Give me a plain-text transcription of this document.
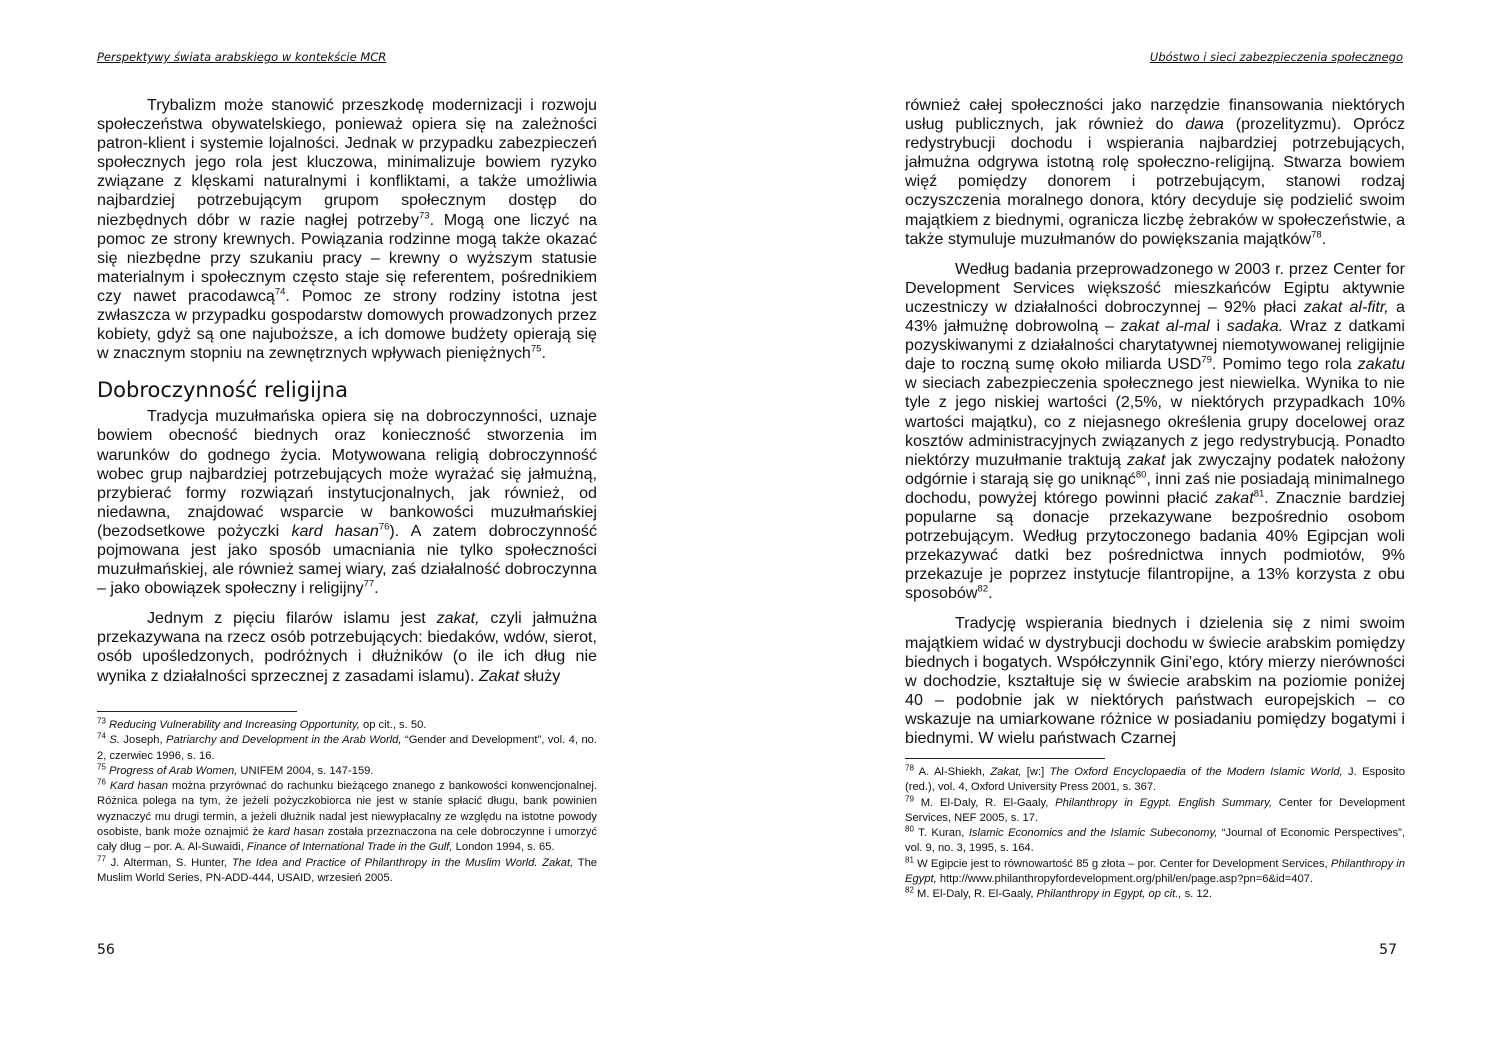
Perspektywy świata arabskiego w kontekście MCR

Trybalizm może stanowić przeszkodę modernizacji i rozwoju społeczeństwa obywatelskiego, ponieważ opiera się na zależności patron-klient i systemie lojalności. Jednak w przypadku zabezpieczeń społecznych jego rola jest kluczowa, minimalizuje bowiem ryzyko związane z klęskami naturalnymi i konfliktami, a także umożliwia najbardziej potrzebującym grupom społecznym dostęp do niezbędnych dóbr w razie nagłej potrzeby$^{73}$. Mogą one liczyć na pomoc ze strony krewnych. Powiązania rodzinne mogą także okazać się niezbędne przy szukaniu pracy – krewny o wyższym statusie materialnym i społecznym często staje się referentem, pośrednikiem czy nawet pracodawcą$^{74}$. Pomoc ze strony rodziny istotna jest zwłaszcza w przypadku gospodarstw domowych prowadzonych przez kobiety, gdyż są one najuboższe, a ich domowe budżety opierają się w znacznym stopniu na zewnętrznych wpływach pieniężnych$^{75}$.

Dobroczynność religijna

Tradycja muzułmańska opiera się na dobroczynności, uznaje bowiem obecność biednych oraz konieczność stworzenia im warunków do godnego życia. Motywowana religią dobroczynność wobec grup najbardziej potrzebujących może wyrażać się jałmużną, przybierać formy rozwiązań instytucjonalnych, jak również, od niedawna, znajdować wsparcie w bankowości muzułmańskiej (bezodsetkowe pożyczki kard hasan$^{76}$). A zatem dobroczynność pojmowana jest jako sposób umacniania nie tylko społeczności muzułmańskiej, ale również samej wiary, zaś działalność dobroczynna – jako obowiązek społeczny i religijny$^{77}$.

Jednym z pięciu filarów islamu jest zakat, czyli jałmużna przekazywana na rzecz osób potrzebujących: biedaków, wdów, sierot, osób upośledzonych, podróżnych i dłużników (o ile ich dług nie wynika z działalności sprzecznej z zasadami islamu). Zakat służy

$^{73}$ Reducing Vulnerability and Increasing Opportunity, op cit., s. 50.

$^{74}$ S. Joseph, Patriarchy and Development in the Arab World, “Gender and Development”, vol. 4, no. 2, czerwiec 1996, s. 16.

$^{75}$ Progress of Arab Women, UNIFEM 2004, s. 147-159.

$^{76}$ Kard hasan można przyrównać do rachunku bieżącego znanego z bankowości konwencjonalnej. Różnica polega na tym, że jeżeli pożyczkobiorca nie jest w stanie spłacić długu, bank powinien wyznaczyć mu drugi termin, a jeżeli dłużnik nadal jest niewypłacalny ze względu na istotne powody osobiste, bank może oznajmić że kard hasan została przeznaczona na cele dobroczynne i umorzyć cały dług – por. A. Al-Suwaidi, Finance of International Trade in the Gulf, London 1994, s. 65.

$^{77}$ J. Alterman, S. Hunter, The Idea and Practice of Philanthropy in the Muslim World. Zakat, The Muslim World Series, PN-ADD-444, USAID, wrzesień 2005.

56
Ubóstwo i sieci zabezpieczenia społecznego

również całej społeczności jako narzędzie finansowania niektórych usług publicznych, jak również do dawa (prozelityzmu). Oprócz redystrybucji dochodu i wspierania najbardziej potrzebujących, jałmużna odgrywa istotną rolę społeczno-religijną. Stwarza bowiem więź pomiędzy donorem i potrzebującym, stanowi rodzaj oczyszczenia moralnego donora, który decyduje się podzielić swoim majątkiem z biednymi, ogranicza liczbę żebraków w społeczeństwie, a także stymuluje muzułmanów do powiększania majątków$^{78}$.

Według badania przeprowadzonego w 2003 r. przez Center for Development Services większość mieszkańców Egiptu aktywnie uczestniczy w działalności dobroczynnej – 92% płaci zakat al-fitr, a 43% jałmużnę dobrowolną – zakat al-mal i sadaka. Wraz z datkami pozyskiwanymi z działalności charytatywnej niemotywowanej religijnie daje to roczną sumę około miliarda USD$^{79}$. Pomimo tego rola zakatu w sieciach zabezpieczenia społecznego jest niewielka. Wynika to nie tyle z jego niskiej wartości (2,5%, w niektórych przypadkach 10% wartości majątku), co z niejasnego określenia grupy docelowej oraz kosztów administracyjnych związanych z jego redystrybucją. Ponadto niektórzy muzułmanie traktują zakat jak zwyczajny podatek nałożony odgórnie i starają się go uniknąć$^{80}$, inni zaś nie posiadają minimalnego dochodu, powyżej którego powinni płacić zakat$^{81}$. Znacznie bardziej popularne są donacje przekazywane bezpośrednio osobom potrzebującym. Według przytoczonego badania 40% Egipcjan woli przekazywać datki bez pośrednictwa innych podmiotów, 9% przekazuje je poprzez instytucje filantropijne, a 13% korzysta z obu sposobów$^{82}$.

Tradycję wspierania biednych i dzielenia się z nimi swoim majątkiem widać w dystrybucji dochodu w świecie arabskim pomiędzy biednych i bogatych. Współczynnik Gini’ego, który mierzy nierówności w dochodzie, kształtuje się w świecie arabskim na poziomie poniżej 40 – podobnie jak w niektórych państwach europejskich – co wskazuje na umiarkowane różnice w posiadaniu pomiędzy bogatymi i biednymi. W wielu państwach Czarnej

$^{78}$ A. Al-Shiekh, Zakat, [w:] The Oxford Encyclopaedia of the Modern Islamic World, J. Esposito (red.), vol. 4, Oxford University Press 2001, s. 367.

$^{79}$ M. El-Daly, R. El-Gaaly, Philanthropy in Egypt. English Summary, Center for Development Services, NEF 2005, s. 17.

$^{80}$ T. Kuran, Islamic Economics and the Islamic Subeconomy, “Journal of Economic Perspectives”, vol. 9, no. 3, 1995, s. 164.

$^{81}$ W Egipcie jest to równowartość 85 g złota – por. Center for Development Services, Philanthropy in Egypt, http://www.philanthropyfordevelopment.org/phil/en/page.asp?pn=6&id=407.

$^{82}$ M. El-Daly, R. El-Gaaly, Philanthropy in Egypt, op cit., s. 12.

57
